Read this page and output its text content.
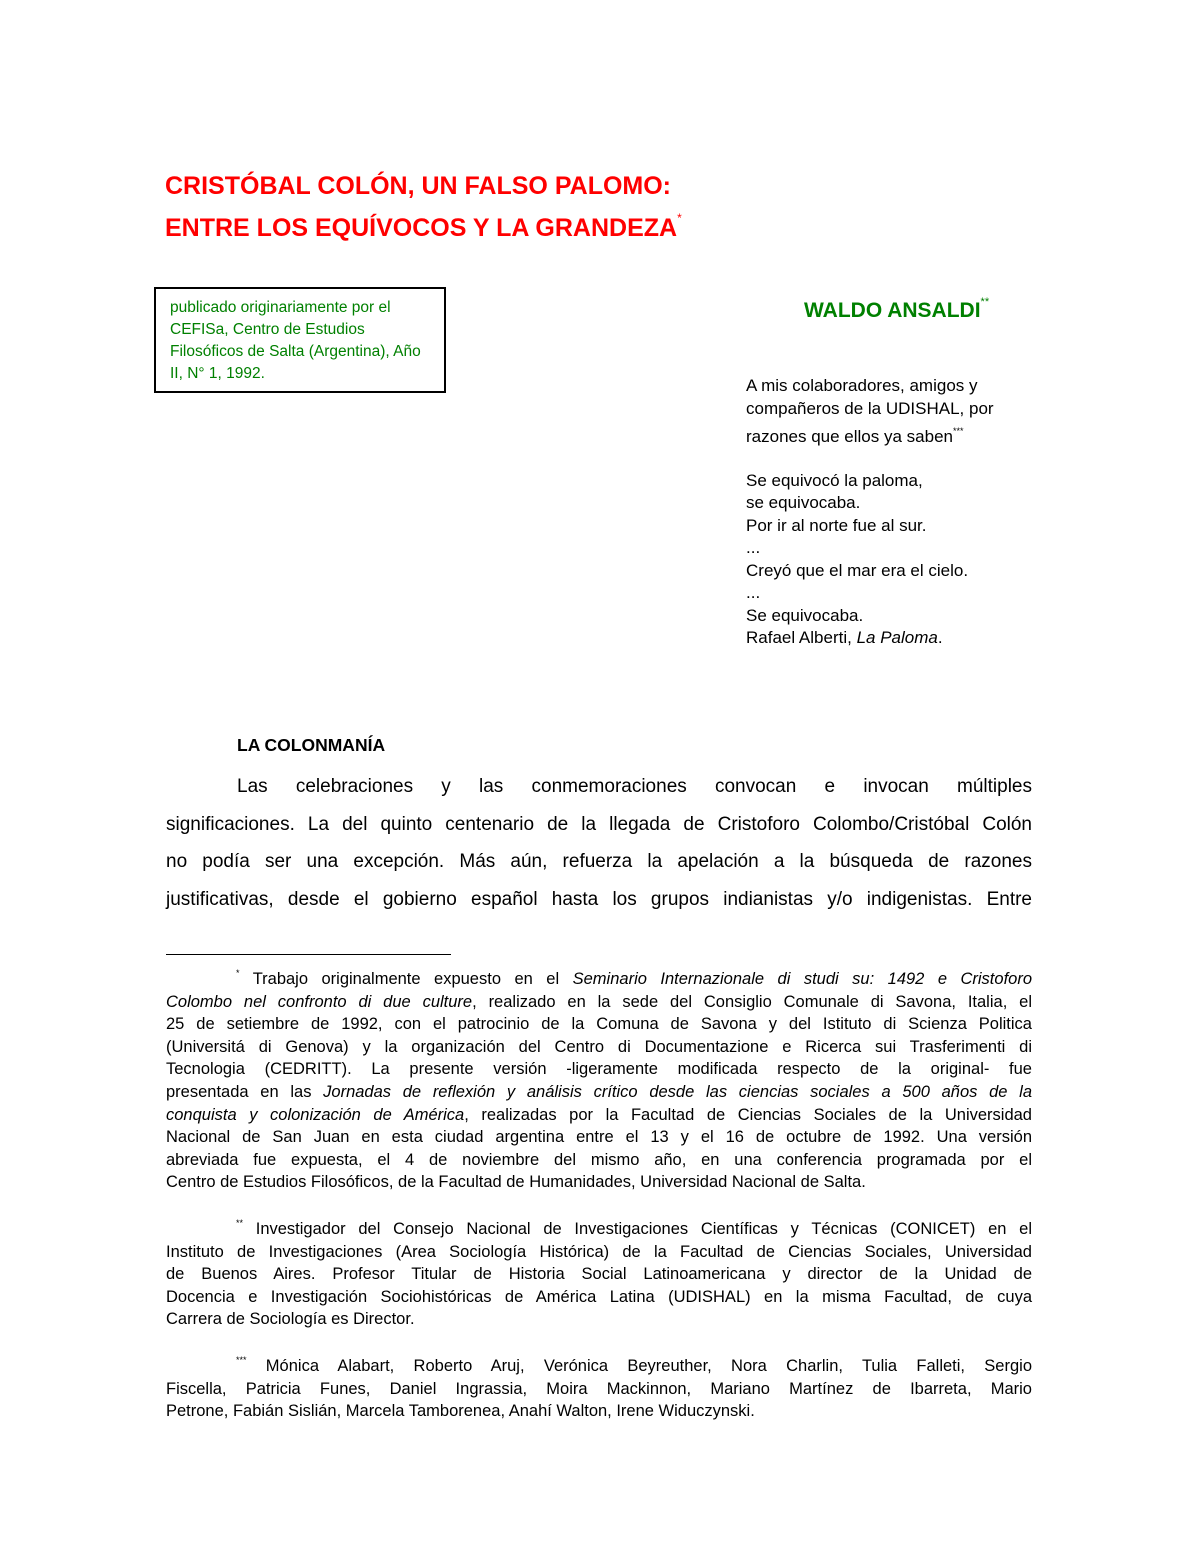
CRISTÓBAL COLÓN, UN FALSO PALOMO:
ENTRE LOS EQUÍVOCOS Y LA GRANDEZA*
publicado originariamente por el CEFISa, Centro de Estudios Filosóficos de Salta (Argentina), Año II, N° 1, 1992.
WALDO ANSALDI**
A mis colaboradores, amigos y
compañeros de la UDISHAL, por
razones que ellos ya saben***
Se equivocó la paloma,
se equivocaba.
Por ir al norte fue al sur.
...
Creyó que el mar era el cielo.
...
Se equivocaba.
Rafael Alberti, La Paloma.
LA COLONMANÍA
Las celebraciones y las conmemoraciones convocan e invocan múltiples
significaciones. La del quinto centenario de la llegada de Cristoforo Colombo/Cristóbal Colón
no podía ser una excepción. Más aún, refuerza la apelación a la búsqueda de razones
justificativas, desde el gobierno español hasta los grupos indianistas y/o indigenistas. Entre
* Trabajo originalmente expuesto en el Seminario Internazionale di studi su: 1492 e Cristoforo
Colombo nel confronto di due culture, realizado en la sede del Consiglio Comunale di Savona, Italia, el
25 de setiembre de 1992, con el patrocinio de la Comuna de Savona y del Istituto di Scienza Politica
(Universitá di Genova) y la organización del Centro di Documentazione e Ricerca sui Trasferimenti di
Tecnologia (CEDRITT). La presente versión -ligeramente modificada respecto de la original- fue
presentada en las Jornadas de reflexión y análisis crítico desde las ciencias sociales a 500 años de la
conquista y colonización de América, realizadas por la Facultad de Ciencias Sociales de la Universidad
Nacional de San Juan en esta ciudad argentina entre el 13 y el 16 de octubre de 1992. Una versión
abreviada fue expuesta, el 4 de noviembre del mismo año, en una conferencia programada por el
Centro de Estudios Filosóficos, de la Facultad de Humanidades, Universidad Nacional de Salta.
** Investigador del Consejo Nacional de Investigaciones Científicas y Técnicas (CONICET) en el
Instituto de Investigaciones (Area Sociología Histórica) de la Facultad de Ciencias Sociales, Universidad
de Buenos Aires. Profesor Titular de Historia Social Latinoamericana y director de la Unidad de
Docencia e Investigación Sociohistóricas de América Latina (UDISHAL) en la misma Facultad, de cuya
Carrera de Sociología es Director.
*** Mónica Alabart, Roberto Aruj, Verónica Beyreuther, Nora Charlin, Tulia Falleti, Sergio
Fiscella, Patricia Funes, Daniel Ingrassia, Moira Mackinnon, Mariano Martínez de Ibarreta, Mario
Petrone, Fabián Sislián, Marcela Tamborenea, Anahí Walton, Irene Widuczynski.
